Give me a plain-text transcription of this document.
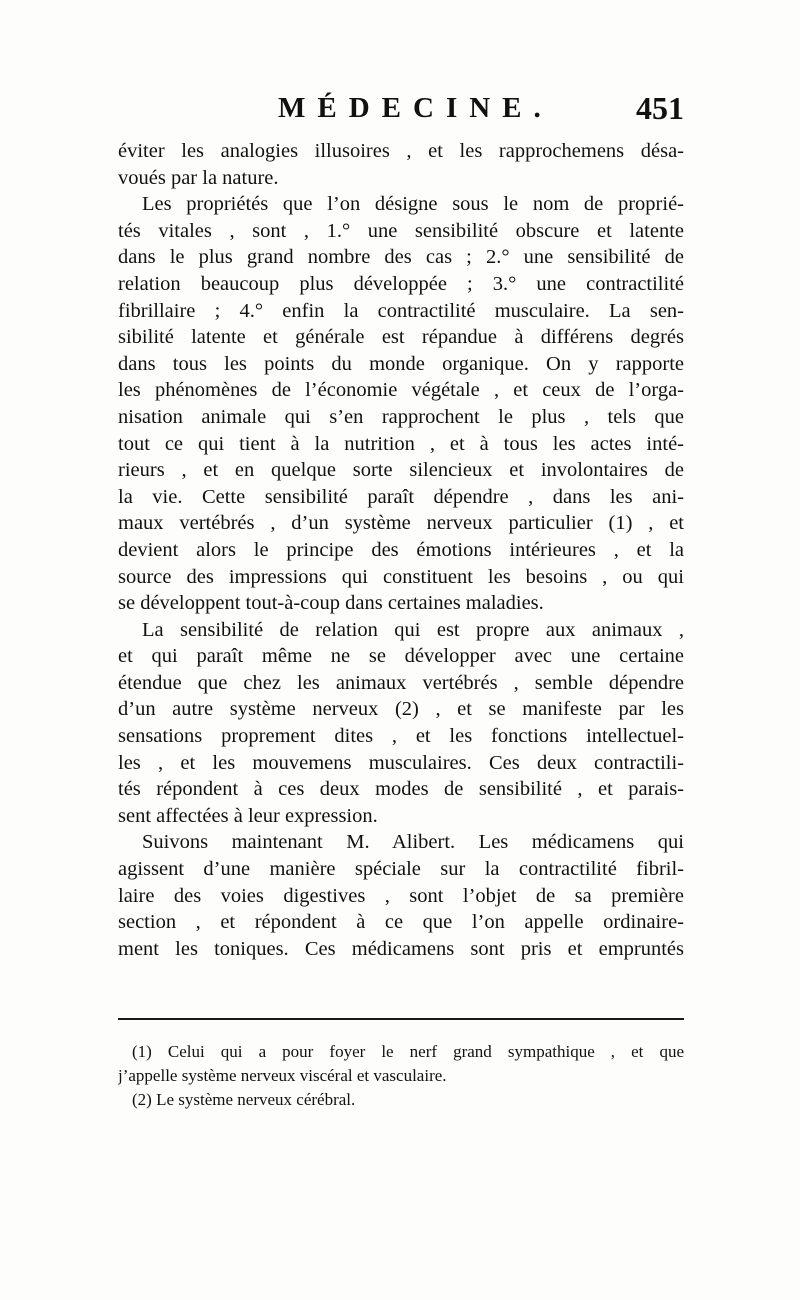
MÉDECINE.	451
éviter les analogies illusoires , et les rapprochemens désa-
voués par la nature.
Les propriétés que l’on désigne sous le nom de proprié-
tés vitales , sont , 1.° une sensibilité obscure et latente
dans le plus grand nombre des cas ; 2.° une sensibilité de
relation beaucoup plus développée ; 3.° une contractilité
fibrillaire ; 4.° enfin la contractilité musculaire. La sen-
sibilité latente et générale est répandue à différens degrés
dans tous les points du monde organique. On y rapporte
les phénomènes de l’économie végétale , et ceux de l’orga-
nisation animale qui s’en rapprochent le plus , tels que
tout ce qui tient à la nutrition , et à tous les actes inté-
rieurs , et en quelque sorte silencieux et involontaires de
la vie. Cette sensibilité paraît dépendre , dans les ani-
maux vertébrés , d’un système nerveux particulier (1) , et
devient alors le principe des émotions intérieures , et la
source des impressions qui constituent les besoins , ou qui
se développent tout-à-coup dans certaines maladies.
La sensibilité de relation qui est propre aux animaux ,
et qui paraît même ne se développer avec une certaine
étendue que chez les animaux vertébrés , semble dépendre
d’un autre système nerveux (2) , et se manifeste par les
sensations proprement dites , et les fonctions intellectuel-
les , et les mouvemens musculaires. Ces deux contractili-
tés répondent à ces deux modes de sensibilité , et parais-
sent affectées à leur expression.
Suivons maintenant M. Alibert. Les médicamens qui
agissent d’une manière spéciale sur la contractilité fibril-
laire des voies digestives , sont l’objet de sa première
section , et répondent à ce que l’on appelle ordinaire-
ment les toniques. Ces médicamens sont pris et empruntés
(1) Celui qui a pour foyer le nerf grand sympathique , et que
j’appelle système nerveux viscéral et vasculaire.
(2) Le système nerveux cérébral.
